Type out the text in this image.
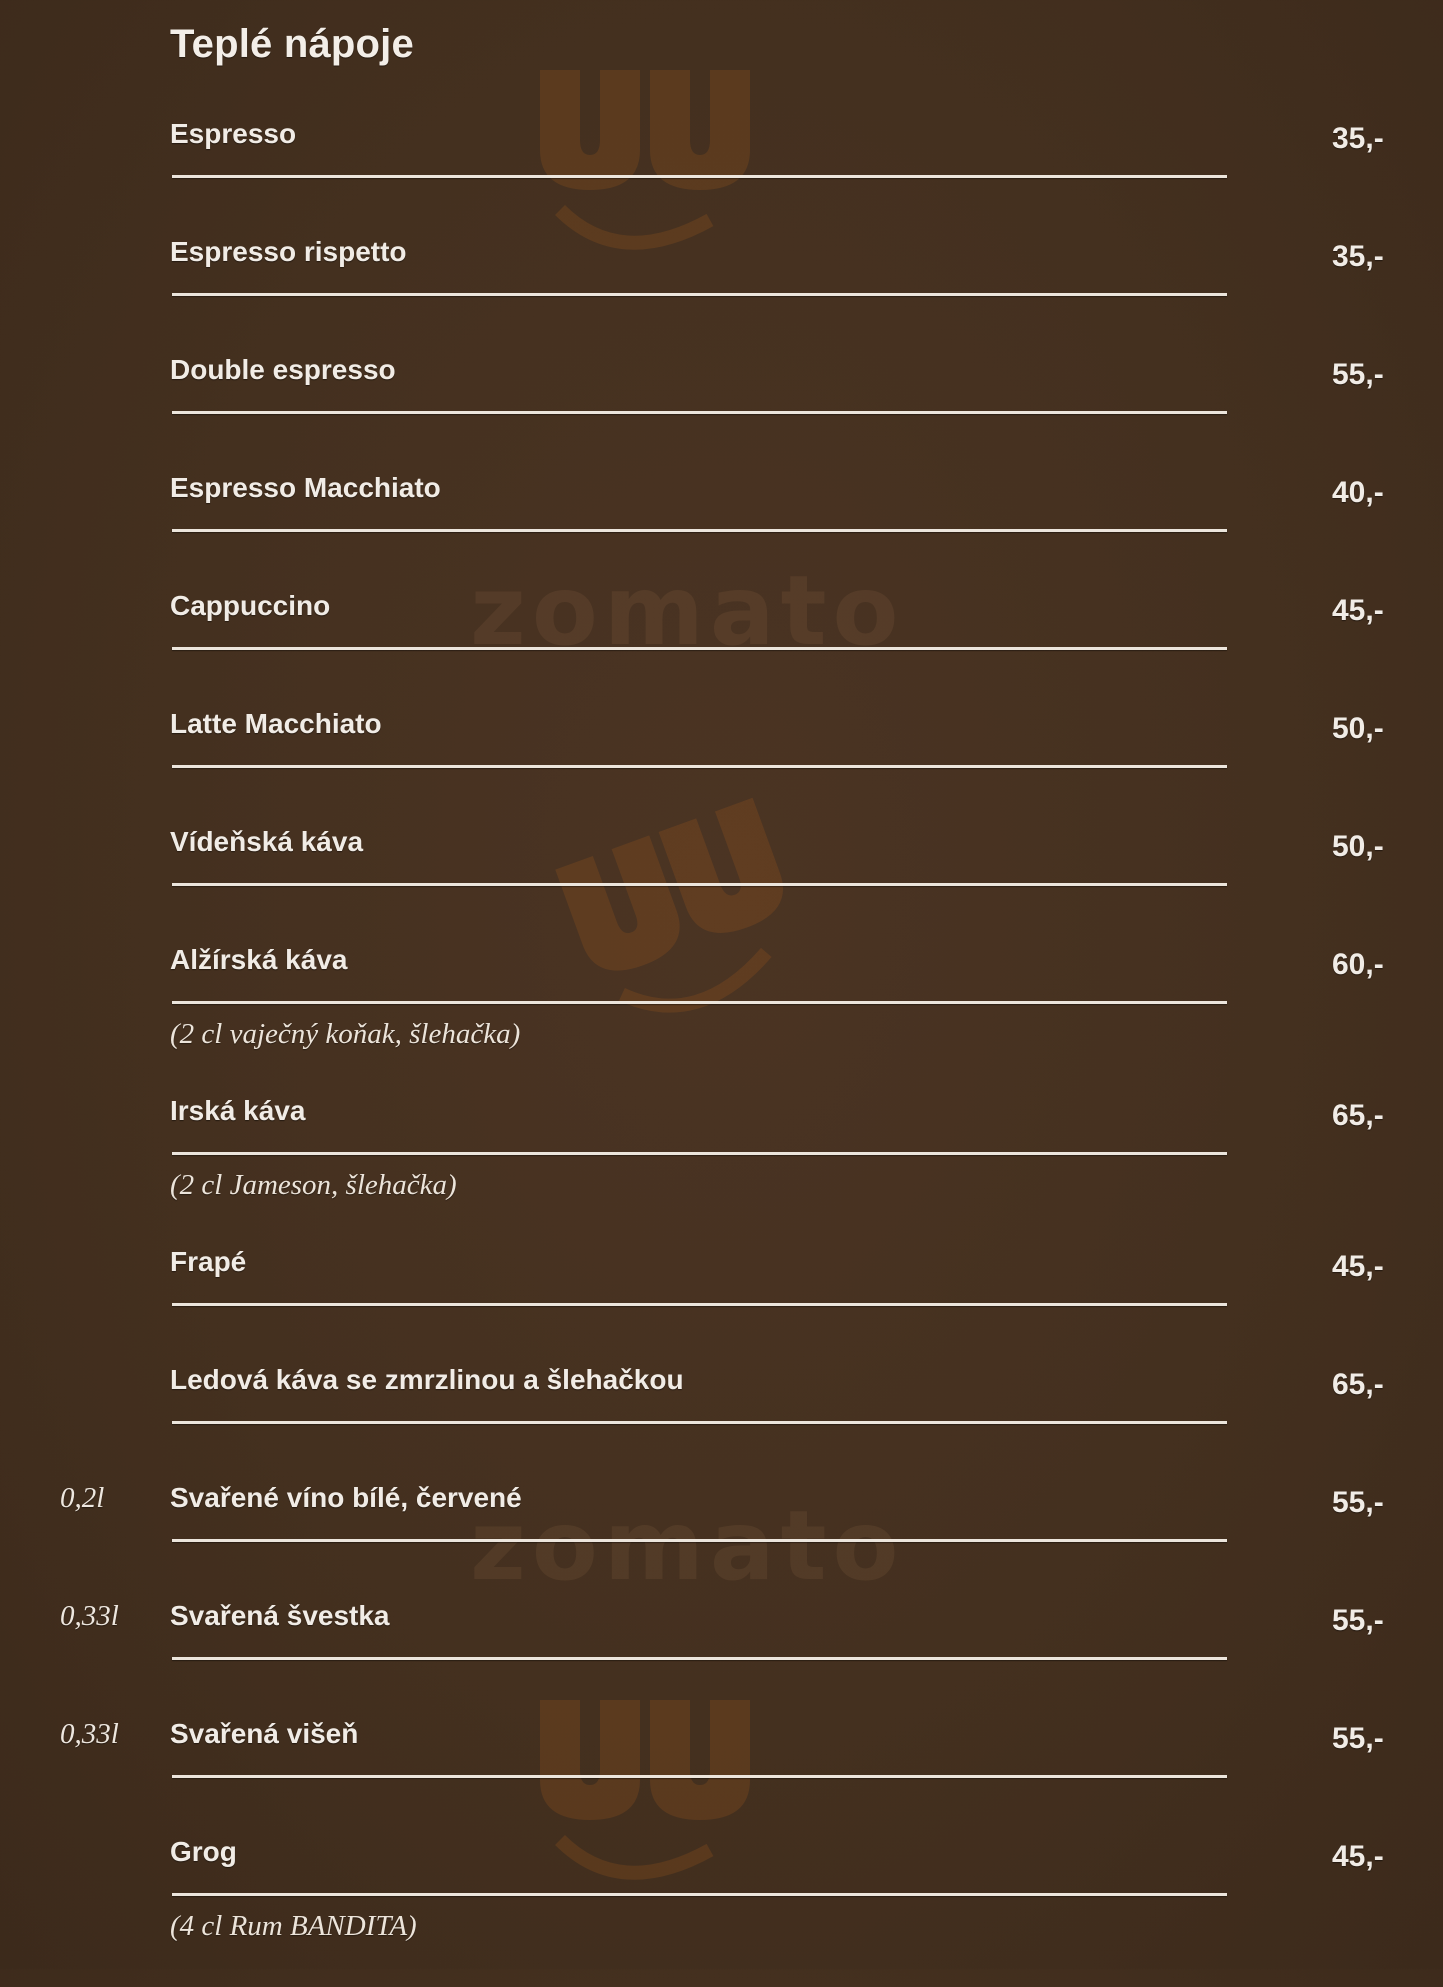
zomato
zomato
Teplé nápoje
Espresso	35,-
Espresso rispetto	35,-
Double espresso	55,-
Espresso Macchiato	40,-
Cappuccino	45,-
Latte Macchiato	50,-
Vídeňská káva	50,-
Alžírská káva	60,-
(2 cl vaječný koňak, šlehačka)
Irská káva	65,-
(2 cl Jameson, šlehačka)
Frapé	45,-
Ledová káva se zmrzlinou a šlehačkou	65,-
0,2l Svařené víno bílé, červené	55,-
0,33l Svařená švestka	55,-
0,33l Svařená višeň	55,-
Grog	45,-
(4 cl Rum BANDITA)
